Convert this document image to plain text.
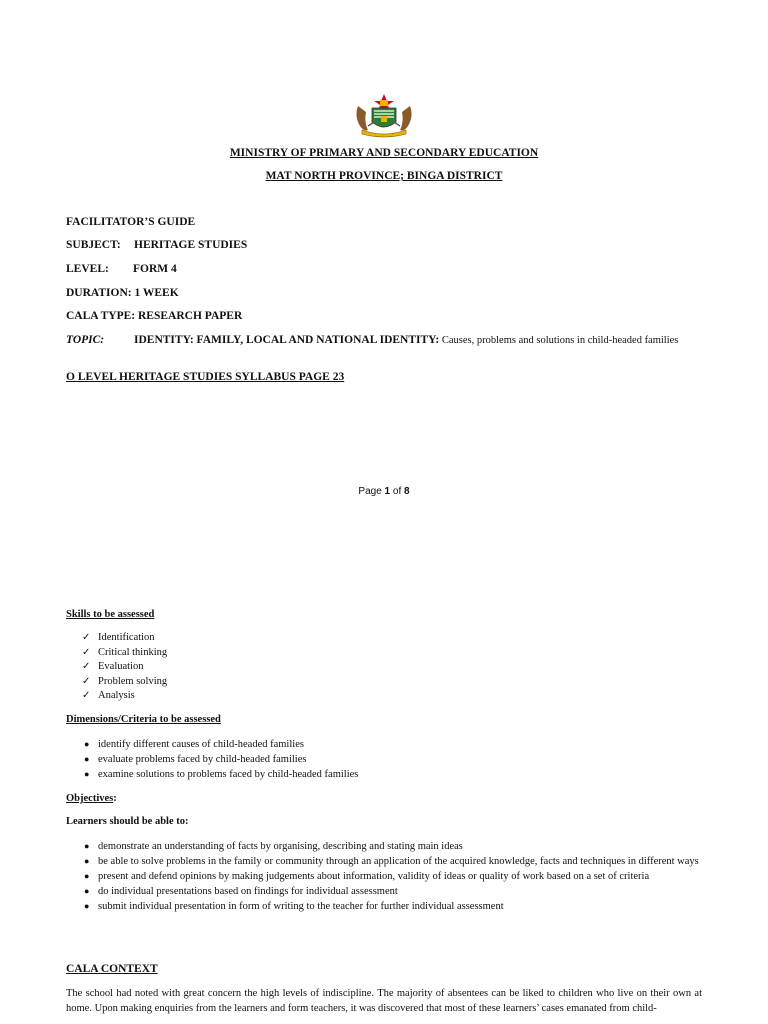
MINISTRY OF PRIMARY AND SECONDARY EDUCATION
MAT NORTH PROVINCE; BINGA DISTRICT
FACILITATOR’S GUIDE
SUBJECT: HERITAGE STUDIES
LEVEL: FORM 4
DURATION: 1 WEEK
CALA TYPE: RESEARCH PAPER
TOPIC:	IDENTITY: FAMILY, LOCAL AND NATIONAL IDENTITY: Causes, problems and solutions in child-headed families
O LEVEL HERITAGE STUDIES SYLLABUS PAGE 23
Page 1 of 8
Skills to be assessed
✓ Identification
✓ Critical thinking
✓ Evaluation
✓ Problem solving
✓ Analysis
Dimensions/Criteria to be assessed
● identify different causes of child-headed families
● evaluate problems faced by child-headed families
● examine solutions to problems faced by child-headed families
Objectives:
Learners should be able to:
● demonstrate an understanding of facts by organising, describing and stating main ideas
● be able to solve problems in the family or community through an application of the acquired knowledge, facts and techniques in different ways
● present and defend opinions by making judgements about information, validity of ideas or quality of work based on a set of criteria
● do individual presentations based on findings for individual assessment
● submit individual presentation in form of writing to the teacher for further individual assessment
CALA CONTEXT
The school had noted with great concern the high levels of indiscipline. The majority of absentees can be liked to children who live on their own at home. Upon making enquiries from the learners and form teachers, it was discovered that most of these learners’ cases emanated from child-
